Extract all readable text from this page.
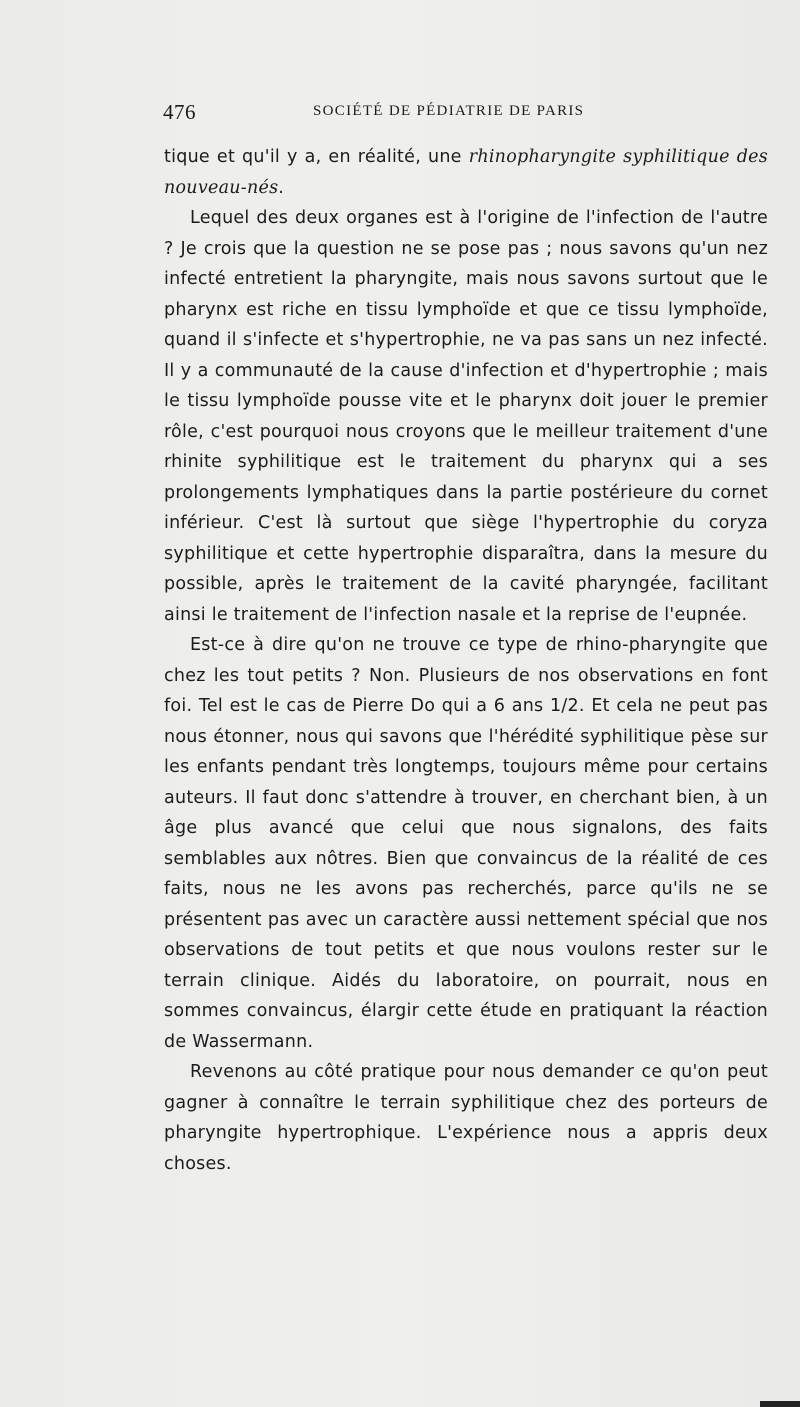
476	SOCIÉTÉ DE PÉDIATRIE DE PARIS

tique et qu'il y a, en réalité, une rhinopharyngite syphilitique des nouveau-nés.

Lequel des deux organes est à l'origine de l'infection de l'autre ? Je crois que la question ne se pose pas ; nous savons qu'un nez infecté entretient la pharyngite, mais nous savons surtout que le pharynx est riche en tissu lymphoïde et que ce tissu lymphoïde, quand il s'infecte et s'hypertrophie, ne va pas sans un nez infecté. Il y a communauté de la cause d'infection et d'hypertrophie ; mais le tissu lymphoïde pousse vite et le pharynx doit jouer le premier rôle, c'est pourquoi nous croyons que le meilleur traitement d'une rhinite syphilitique est le traitement du pharynx qui a ses prolongements lymphatiques dans la partie postérieure du cornet inférieur. C'est là surtout que siège l'hypertrophie du coryza syphilitique et cette hypertrophie disparaîtra, dans la mesure du possible, après le traitement de la cavité pharyngée, facilitant ainsi le traitement de l'infection nasale et la reprise de l'eupnée.

Est-ce à dire qu'on ne trouve ce type de rhino-pharyngite que chez les tout petits ? Non. Plusieurs de nos observations en font foi. Tel est le cas de Pierre Do qui a 6 ans 1/2. Et cela ne peut pas nous étonner, nous qui savons que l'hérédité syphilitique pèse sur les enfants pendant très longtemps, toujours même pour certains auteurs. Il faut donc s'attendre à trouver, en cherchant bien, à un âge plus avancé que celui que nous signalons, des faits semblables aux nôtres. Bien que convaincus de la réalité de ces faits, nous ne les avons pas recherchés, parce qu'ils ne se présentent pas avec un caractère aussi nettement spécial que nos observations de tout petits et que nous voulons rester sur le terrain clinique. Aidés du laboratoire, on pourrait, nous en sommes convaincus, élargir cette étude en pratiquant la réaction de Wassermann.

Revenons au côté pratique pour nous demander ce qu'on peut gagner à connaître le terrain syphilitique chez des porteurs de pharyngite hypertrophique. L'expérience nous a appris deux choses.
